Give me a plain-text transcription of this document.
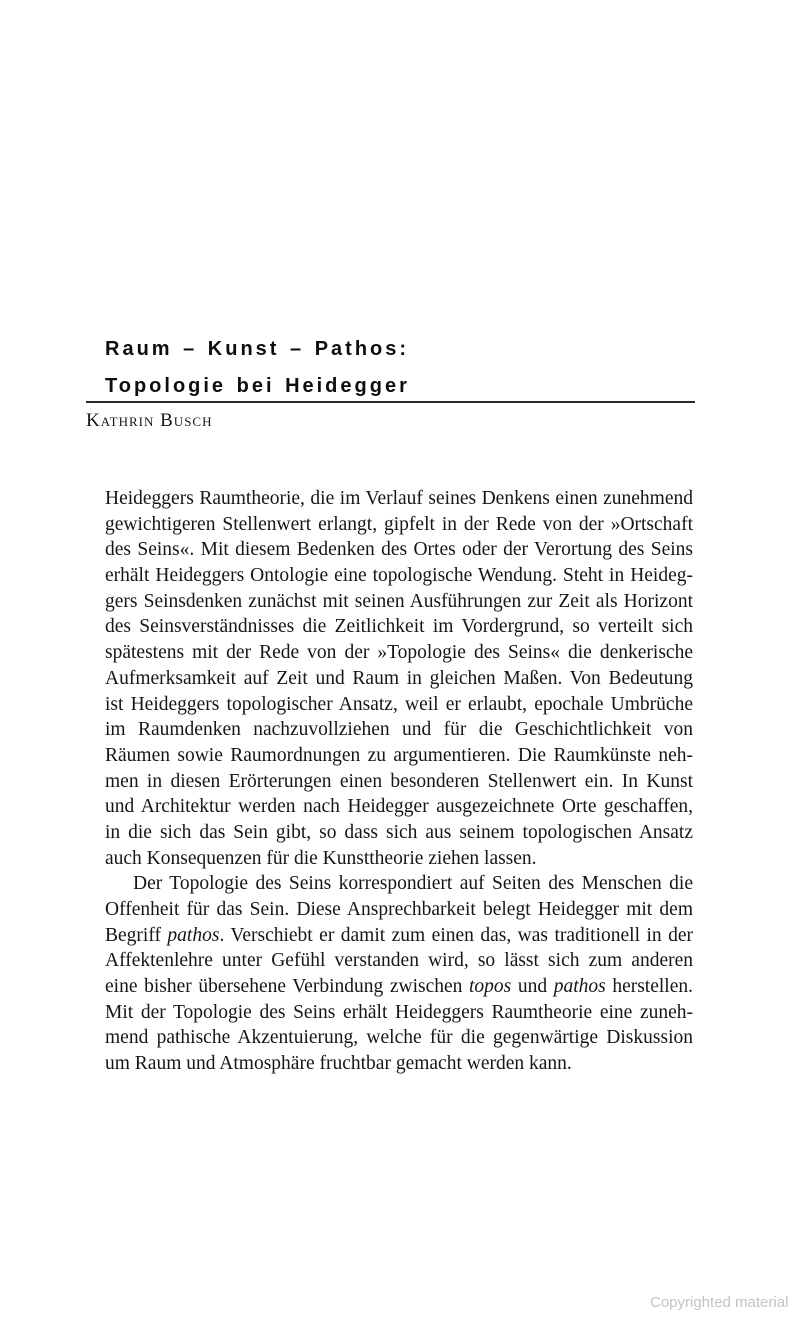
Raum – Kunst – Pathos:
Topologie bei Heidegger
Kathrin Busch
Heideggers Raumtheorie, die im Verlauf seines Denkens einen zunehmend
gewichtigeren Stellenwert erlangt, gipfelt in der Rede von der »Ortschaft
des Seins«. Mit diesem Bedenken des Ortes oder der Verortung des Seins
erhält Heideggers Ontologie eine topologische Wendung. Steht in Heideg-
gers Seinsdenken zunächst mit seinen Ausführungen zur Zeit als Horizont
des Seinsverständnisses die Zeitlichkeit im Vordergrund, so verteilt sich
spätestens mit der Rede von der »Topologie des Seins« die denkerische
Aufmerksamkeit auf Zeit und Raum in gleichen Maßen. Von Bedeutung
ist Heideggers topologischer Ansatz, weil er erlaubt, epochale Umbrüche
im Raumdenken nachzuvollziehen und für die Geschichtlichkeit von
Räumen sowie Raumordnungen zu argumentieren. Die Raumkünste neh-
men in diesen Erörterungen einen besonderen Stellenwert ein. In Kunst
und Architektur werden nach Heidegger ausgezeichnete Orte geschaffen,
in die sich das Sein gibt, so dass sich aus seinem topologischen Ansatz
auch Konsequenzen für die Kunsttheorie ziehen lassen.
Der Topologie des Seins korrespondiert auf Seiten des Menschen die
Offenheit für das Sein. Diese Ansprechbarkeit belegt Heidegger mit dem
Begriff pathos. Verschiebt er damit zum einen das, was traditionell in der
Affektenlehre unter Gefühl verstanden wird, so lässt sich zum anderen
eine bisher übersehene Verbindung zwischen topos und pathos herstellen.
Mit der Topologie des Seins erhält Heideggers Raumtheorie eine zuneh-
mend pathische Akzentuierung, welche für die gegenwärtige Diskussion
um Raum und Atmosphäre fruchtbar gemacht werden kann.
Copyrighted material
